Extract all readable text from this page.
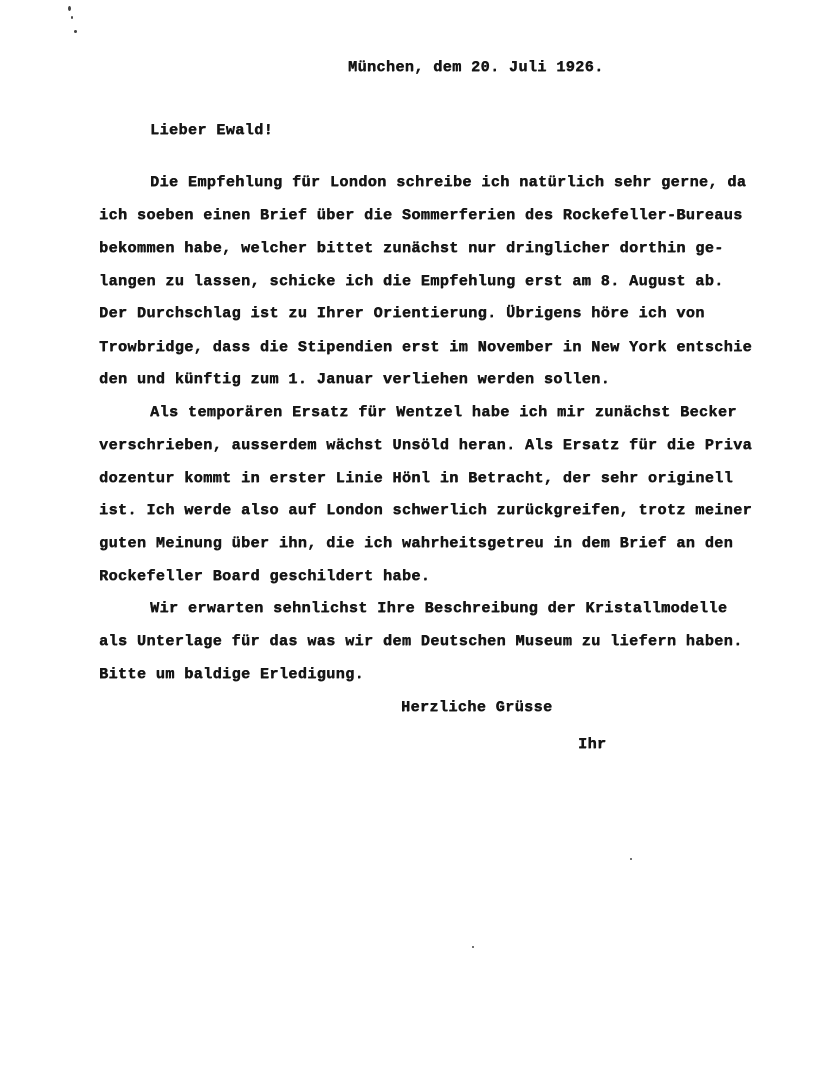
München, dem 20. Juli 1926.
Lieber Ewald!
Die Empfehlung für London schreibe ich natürlich sehr gerne, da
ich soeben einen Brief über die Sommerferien des Rockefeller-Bureaus
bekommen habe, welcher bittet zunächst nur dringlicher dorthin ge-
langen zu lassen, schicke ich die Empfehlung erst am 8. August ab.
Der Durchschlag ist zu Ihrer Orientierung. Übrigens höre ich von
Trowbridge, dass die Stipendien erst im November in New York entschie
den und künftig zum 1. Januar verliehen werden sollen.
Als temporären Ersatz für Wentzel habe ich mir zunächst Becker
verschrieben, ausserdem wächst Unsöld heran. Als Ersatz für die Priva
dozentur kommt in erster Linie Hönl in Betracht, der sehr originell
ist. Ich werde also auf London schwerlich zurückgreifen, trotz meiner
guten Meinung über ihn, die ich wahrheitsgetreu in dem Brief an den
Rockefeller Board geschildert habe.
Wir erwarten sehnlichst Ihre Beschreibung der Kristallmodelle
als Unterlage für das was wir dem Deutschen Museum zu liefern haben.
Bitte um baldige Erledigung.
Herzliche Grüsse
Ihr
